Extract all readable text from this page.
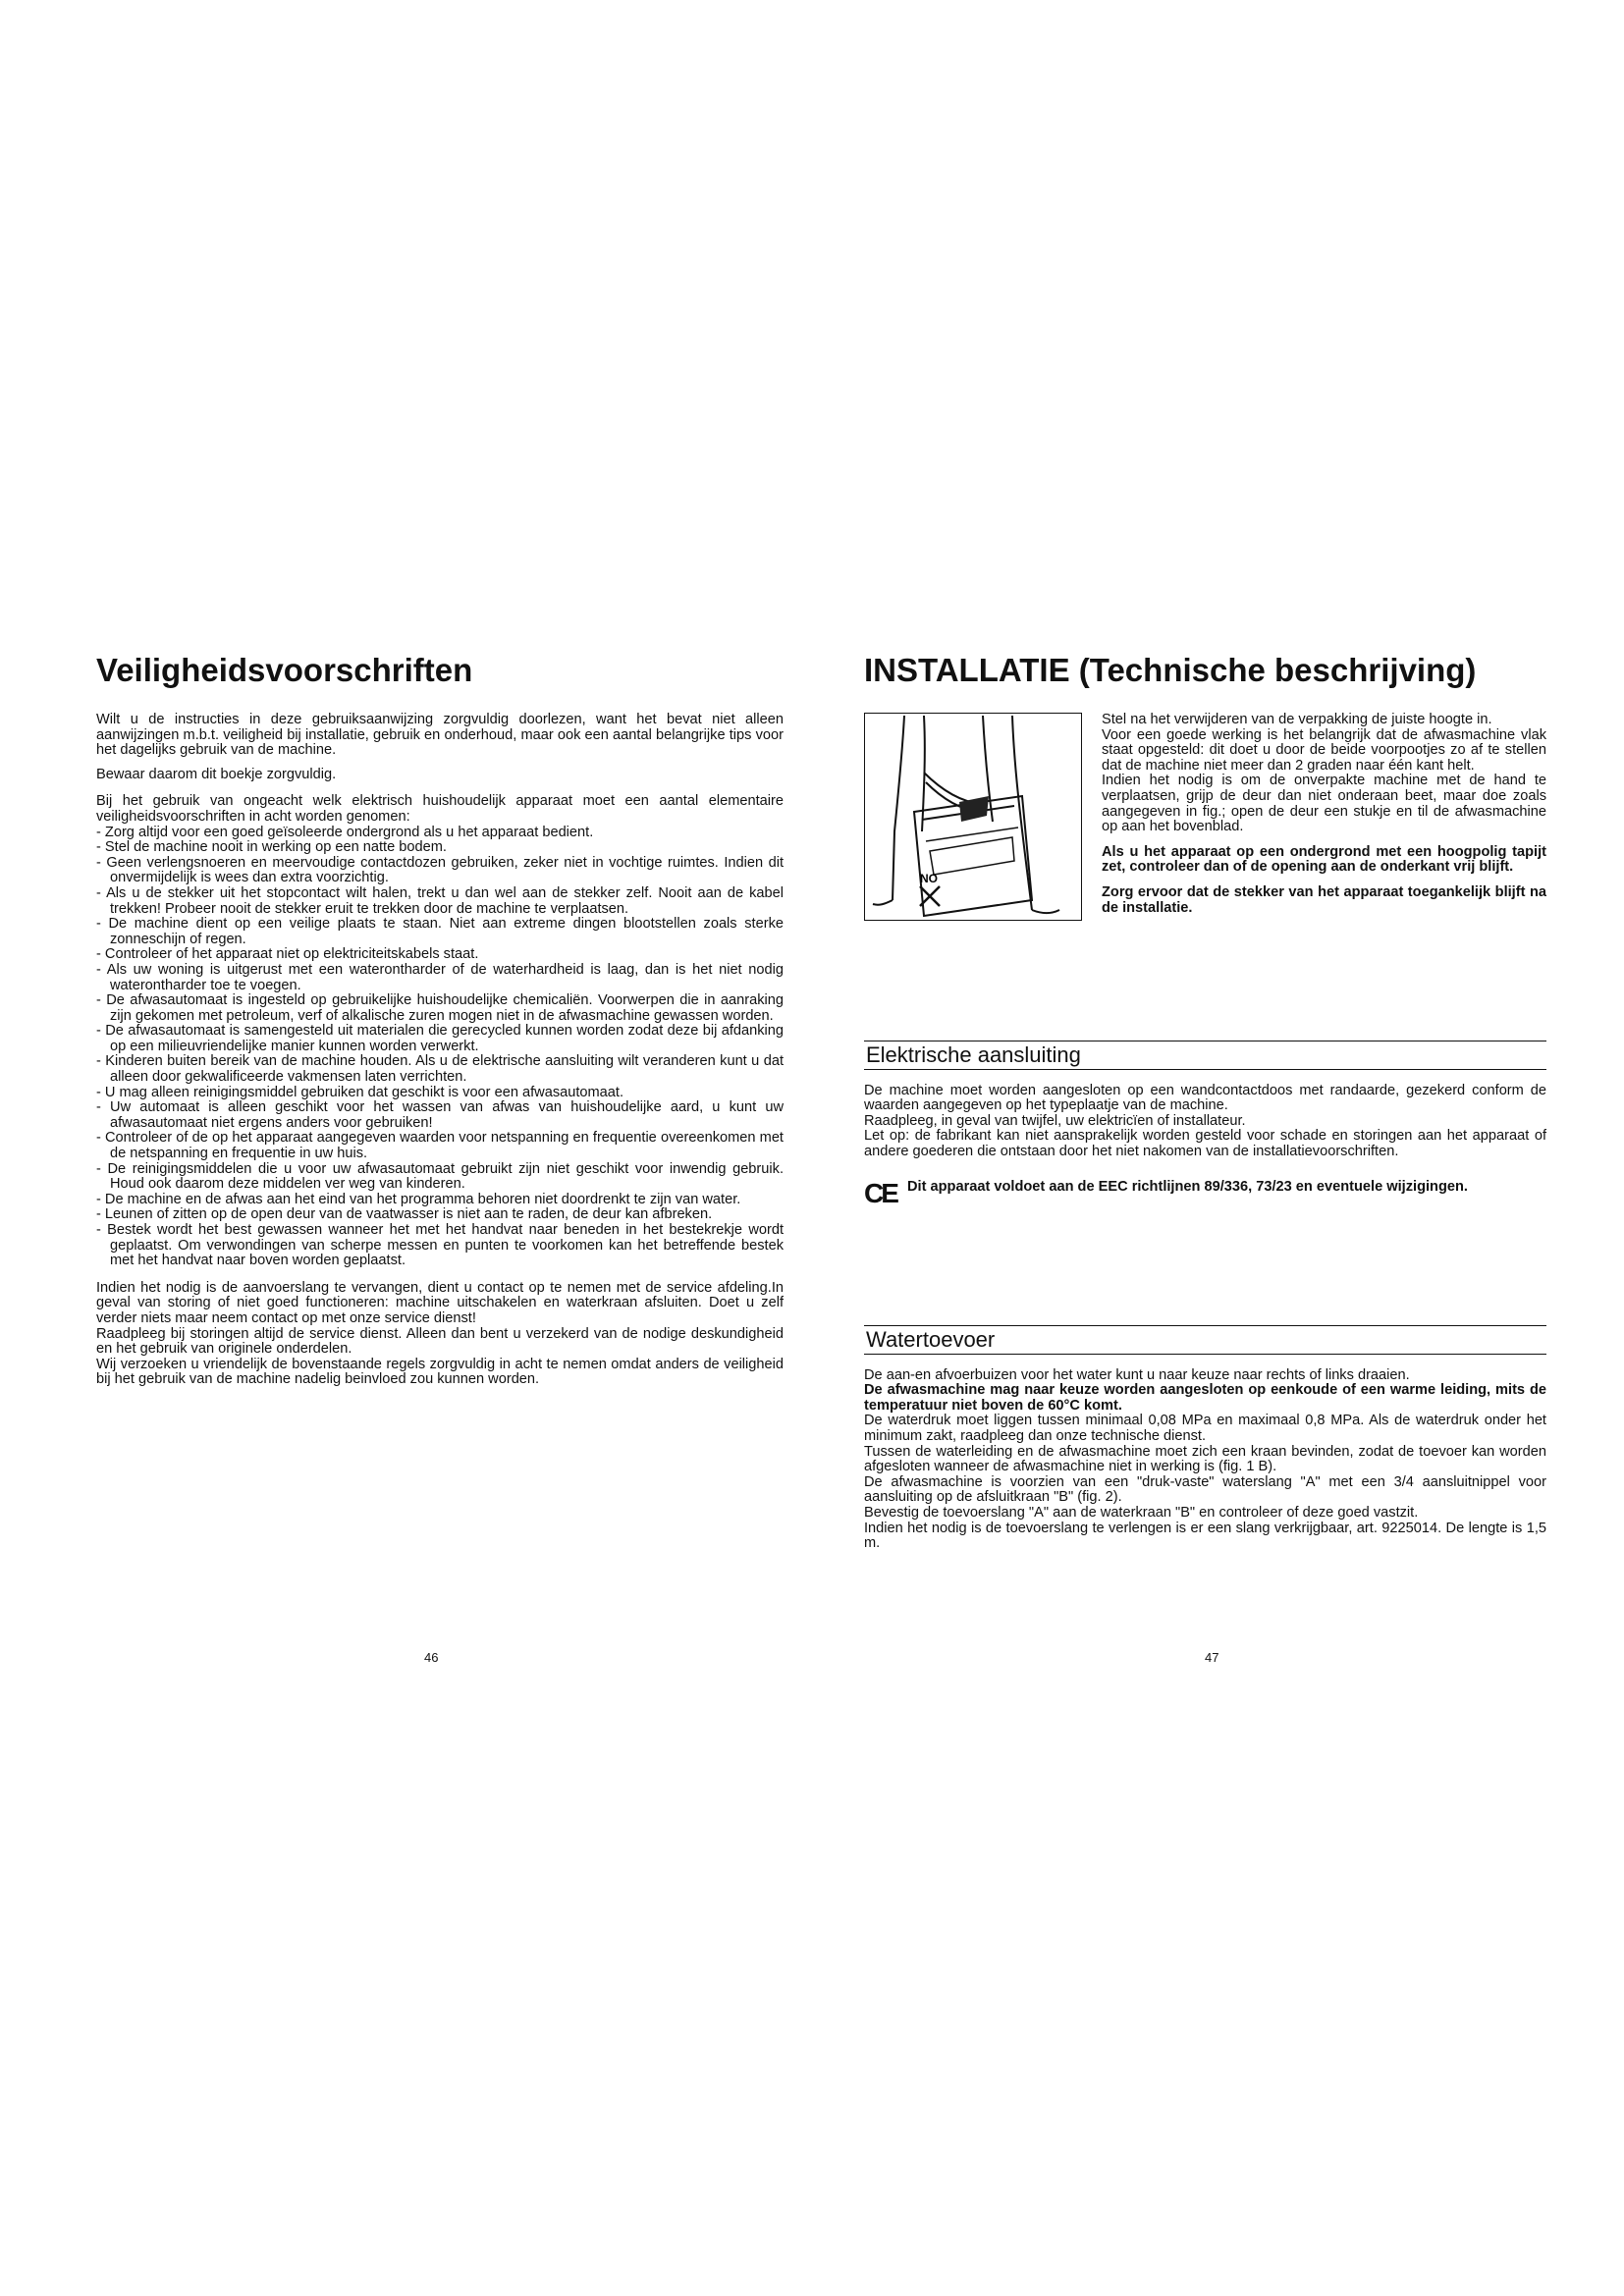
Veiligheidsvoorschriften

Wilt u de instructies in deze gebruiksaanwijzing zorgvuldig doorlezen, want het bevat niet alleen aanwijzingen m.b.t. veiligheid bij installatie, gebruik en onderhoud, maar ook een aantal belangrijke tips voor het dagelijks gebruik van de machine.

Bewaar daarom dit boekje zorgvuldig.

Bij het gebruik van ongeacht welk elektrisch huishoudelijk apparaat moet een aantal elementaire veiligheidsvoorschriften in acht worden genomen:

- Zorg altijd voor een goed geïsoleerde ondergrond als u het apparaat bedient.
- Stel de machine nooit in werking op een natte bodem.
- Geen verlengsnoeren en meervoudige contactdozen gebruiken, zeker niet in vochtige ruimtes. Indien dit onvermijdelijk is wees dan extra voorzichtig.
- Als u de stekker uit het stopcontact wilt halen, trekt u dan wel aan de stekker zelf. Nooit aan de kabel trekken! Probeer nooit de stekker eruit te trekken door de machine te verplaatsen.
- De machine dient op een veilige plaats te staan. Niet aan extreme dingen blootstellen zoals sterke zonneschijn of regen.
- Controleer of het apparaat niet op elektriciteitskabels staat.
- Als uw woning is uitgerust met een waterontharder of de waterhardheid is laag, dan is het niet nodig waterontharder toe te voegen.
- De afwasautomaat is ingesteld op gebruikelijke huishoudelijke chemicaliën. Voorwerpen die in aanraking zijn gekomen met petroleum, verf of alkalische zuren mogen niet in de afwasmachine gewassen worden.
- De afwasautomaat is samengesteld uit materialen die gerecycled kunnen worden zodat deze bij afdanking op een milieuvriendelijke manier kunnen worden verwerkt.
- Kinderen buiten bereik van de machine houden. Als u de elektrische aansluiting wilt veranderen kunt u dat alleen door gekwalificeerde vakmensen laten verrichten.
- U mag alleen reinigingsmiddel gebruiken dat geschikt is voor een afwasautomaat.
- Uw automaat is alleen geschikt voor het wassen van afwas van huishoudelijke aard, u kunt uw afwasautomaat niet ergens anders voor gebruiken!
- Controleer of de op het apparaat aangegeven waarden voor netspanning en frequentie overeenkomen met de netspanning en frequentie in uw huis.
- De reinigingsmiddelen die u voor uw afwasautomaat gebruikt zijn niet geschikt voor inwendig gebruik. Houd ook daarom deze middelen ver weg van kinderen.
- De machine en de afwas aan het eind van het programma behoren niet doordrenkt te zijn van water.
- Leunen of zitten op de open deur van de vaatwasser is niet aan te raden, de deur kan afbreken.
- Bestek wordt het best gewassen wanneer het met het handvat naar beneden in het bestekrekje wordt geplaatst. Om verwondingen van scherpe messen en punten te voorkomen kan het betreffende bestek met het handvat naar boven worden geplaatst.

Indien het nodig is de aanvoerslang te vervangen, dient u contact op te nemen met de service afdeling.In geval van storing of niet goed functioneren: machine uitschakelen en waterkraan afsluiten. Doet u zelf verder niets maar neem contact op met onze service dienst!

Raadpleeg bij storingen altijd de service dienst. Alleen dan bent u verzekerd van de nodige deskundigheid en het gebruik van originele onderdelen.

Wij verzoeken u vriendelijk de bovenstaande regels zorgvuldig in acht te nemen omdat anders de veiligheid bij het gebruik van de machine nadelig beinvloed zou kunnen worden.

46
INSTALLATIE (Technische beschrijving)
NO

Stel na het verwijderen van de verpakking de juiste hoogte in.

Voor een goede werking is het belangrijk dat de afwasmachine vlak staat opgesteld: dit doet u door de beide voorpootjes zo af te stellen dat de machine niet meer dan 2 graden naar één kant helt.

Indien het nodig is om de onverpakte machine met de hand te verplaatsen, grijp de deur dan niet onderaan beet, maar doe zoals aangegeven in fig.; open de deur een stukje en til de afwasmachine op aan het bovenblad.

Als u het apparaat op een ondergrond met een hoogpolig tapijt zet, controleer dan of de opening aan de onderkant vrij blijft.

Zorg ervoor dat de stekker van het apparaat toegankelijk blijft na de installatie.

Elektrische aansluiting

De machine moet worden aangesloten op een wandcontactdoos met randaarde, gezekerd conform de waarden aangegeven op het typeplaatje van de machine.

Raadpleeg, in geval van twijfel, uw elektricïen of installateur.

Let op: de fabrikant kan niet aansprakelijk worden gesteld voor schade en storingen aan het apparaat of andere goederen die ontstaan door het niet nakomen van de installatievoorschriften.

CE Dit apparaat voldoet aan de EEC richtlijnen 89/336, 73/23 en eventuele wijzigingen.
Watertoevoer

De aan-en afvoerbuizen voor het water kunt u naar keuze naar rechts of links draaien.

De afwasmachine mag naar keuze worden aangesloten op eenkoude of een warme leiding, mits de temperatuur niet boven de 60°C komt.

De waterdruk moet liggen tussen minimaal 0,08 MPa en maximaal 0,8 MPa. Als de waterdruk onder het minimum zakt, raadpleeg dan onze technische dienst.

Tussen de waterleiding en de afwasmachine moet zich een kraan bevinden, zodat de toevoer kan worden afgesloten wanneer de afwasmachine niet in werking is (fig. 1 B).

De afwasmachine is voorzien van een "druk-vaste" waterslang "A" met een 3/4 aansluitnippel voor aansluiting op de afsluitkraan "B" (fig. 2).

Bevestig de toevoerslang "A" aan de waterkraan "B" en controleer of deze goed vastzit.

Indien het nodig is de toevoerslang te verlengen is er een slang verkrijgbaar, art. 9225014. De lengte is 1,5 m.

47
